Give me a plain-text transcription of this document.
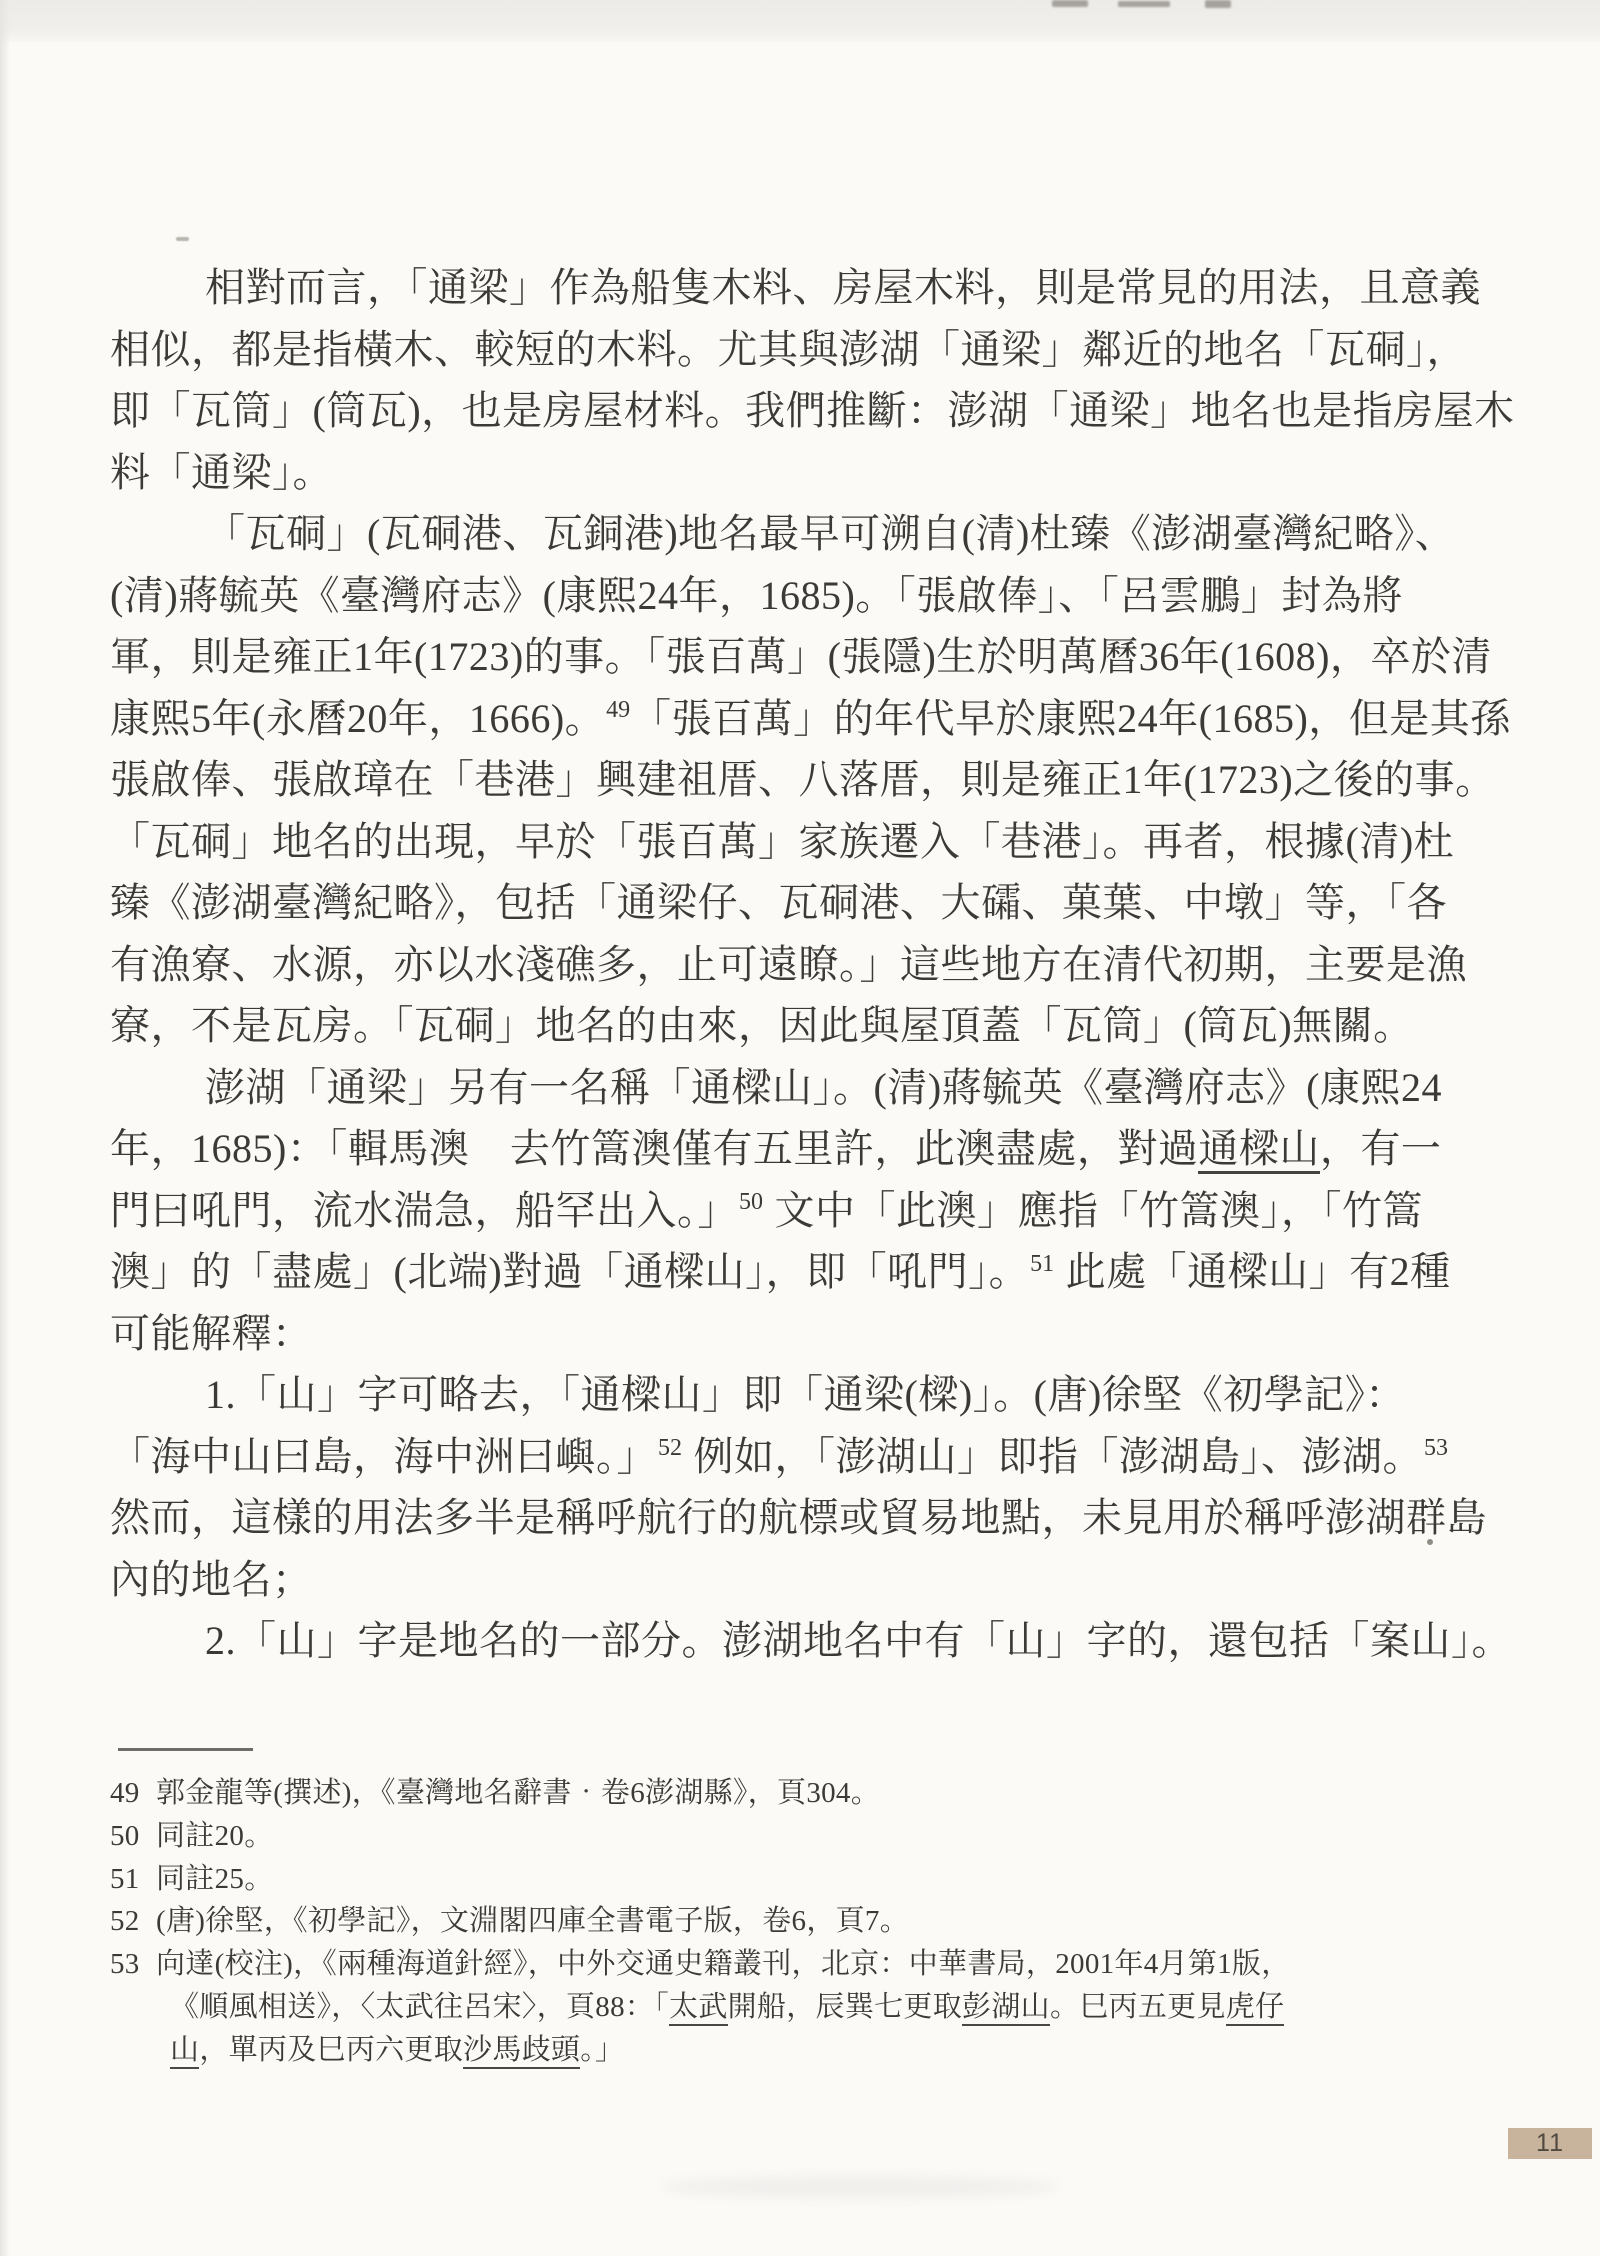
相對而言，「通梁」作為船隻木料、房屋木料，則是常見的用法，且意義
相似，都是指橫木、較短的木料。尤其與澎湖「通梁」鄰近的地名「瓦硐」，
即「瓦筒」(筒瓦)，也是房屋材料。我們推斷：澎湖「通梁」地名也是指房屋木
料「通梁」。
「瓦硐」(瓦硐港、瓦銅港)地名最早可溯自(清)杜臻《澎湖臺灣紀略》、
(清)蔣毓英《臺灣府志》(康熙24年，1685)。「張啟俸」、「呂雲鵬」封為將
軍，則是雍正1年(1723)的事。「張百萬」(張隱)生於明萬曆36年(1608)，卒於清
康熙5年(永曆20年，1666)。$^{49}$「張百萬」的年代早於康熙24年(1685)，但是其孫
張啟俸、張啟璋在「巷港」興建祖厝、八落厝，則是雍正1年(1723)之後的事。
「瓦硐」地名的出現，早於「張百萬」家族遷入「巷港」。再者，根據(清)杜
臻《澎湖臺灣紀略》，包括「通梁仔、瓦硐港、大礵、菓葉、中墩」等，「各
有漁寮、水源，亦以水淺礁多，止可遠瞭。」這些地方在清代初期，主要是漁
寮，不是瓦房。「瓦硐」地名的由來，因此與屋頂蓋「瓦筒」(筒瓦)無關。
澎湖「通梁」另有一名稱「通樑山」。(清)蔣毓英《臺灣府志》(康熙24
年，1685)：「輯馬澳　去竹篙澳僅有五里許，此澳盡處，對過通樑山，有一
門曰吼門，流水湍急，船罕出入。」$^{50}$ 文中「此澳」應指「竹篙澳」，「竹篙
澳」的「盡處」(北端)對過「通樑山」，即「吼門」。$^{51}$ 此處「通樑山」有2種
可能解釋：
1.「山」字可略去，「通樑山」即「通梁(樑)」。(唐)徐堅《初學記》：
「海中山曰島，海中洲曰嶼。」$^{52}$ 例如，「澎湖山」即指「澎湖島」、澎湖。$^{53}$
然而，這樣的用法多半是稱呼航行的航標或貿易地點，未見用於稱呼澎湖群島
內的地名；
2.「山」字是地名的一部分。澎湖地名中有「山」字的，還包括「案山」。
49 郭金龍等(撰述)，《臺灣地名辭書‧卷6澎湖縣》，頁304。
50 同註20。
51 同註25。
52 (唐)徐堅，《初學記》，文淵閣四庫全書電子版，卷6，頁7。
53 向達(校注)，《兩種海道針經》，中外交通史籍叢刊，北京：中華書局，2001年4月第1版，
《順風相送》，〈太武往呂宋〉，頁88：「太武開船，辰巽七更取彭湖山。巳丙五更見虎仔
山，單丙及巳丙六更取沙馬歧頭。」
11
